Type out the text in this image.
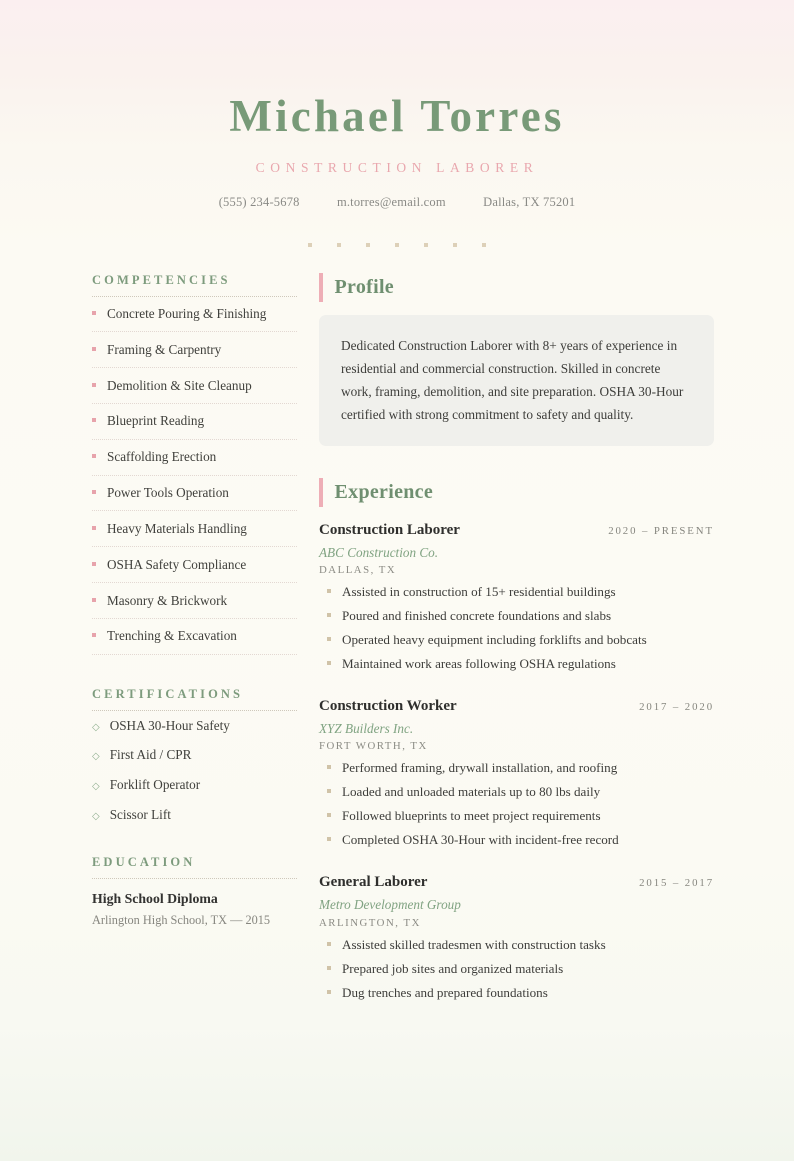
Michael Torres
CONSTRUCTION LABORER
(555) 234-5678	m.torres@email.com	Dallas, TX 75201
COMPETENCIES
Concrete Pouring & Finishing
Framing & Carpentry
Demolition & Site Cleanup
Blueprint Reading
Scaffolding Erection
Power Tools Operation
Heavy Materials Handling
OSHA Safety Compliance
Masonry & Brickwork
Trenching & Excavation
CERTIFICATIONS
◇ OSHA 30-Hour Safety
◇ First Aid / CPR
◇ Forklift Operator
◇ Scissor Lift
EDUCATION
High School Diploma
Arlington High School, TX — 2015
Profile
Dedicated Construction Laborer with 8+ years of experience in residential and commercial construction. Skilled in concrete work, framing, demolition, and site preparation. OSHA 30-Hour certified with strong commitment to safety and quality.
Experience
Construction Laborer	2020 – PRESENT
ABC Construction Co.
DALLAS, TX
Assisted in construction of 15+ residential buildings
Poured and finished concrete foundations and slabs
Operated heavy equipment including forklifts and bobcats
Maintained work areas following OSHA regulations
Construction Worker	2017 – 2020
XYZ Builders Inc.
FORT WORTH, TX
Performed framing, drywall installation, and roofing
Loaded and unloaded materials up to 80 lbs daily
Followed blueprints to meet project requirements
Completed OSHA 30-Hour with incident-free record
General Laborer	2015 – 2017
Metro Development Group
ARLINGTON, TX
Assisted skilled tradesmen with construction tasks
Prepared job sites and organized materials
Dug trenches and prepared foundations
